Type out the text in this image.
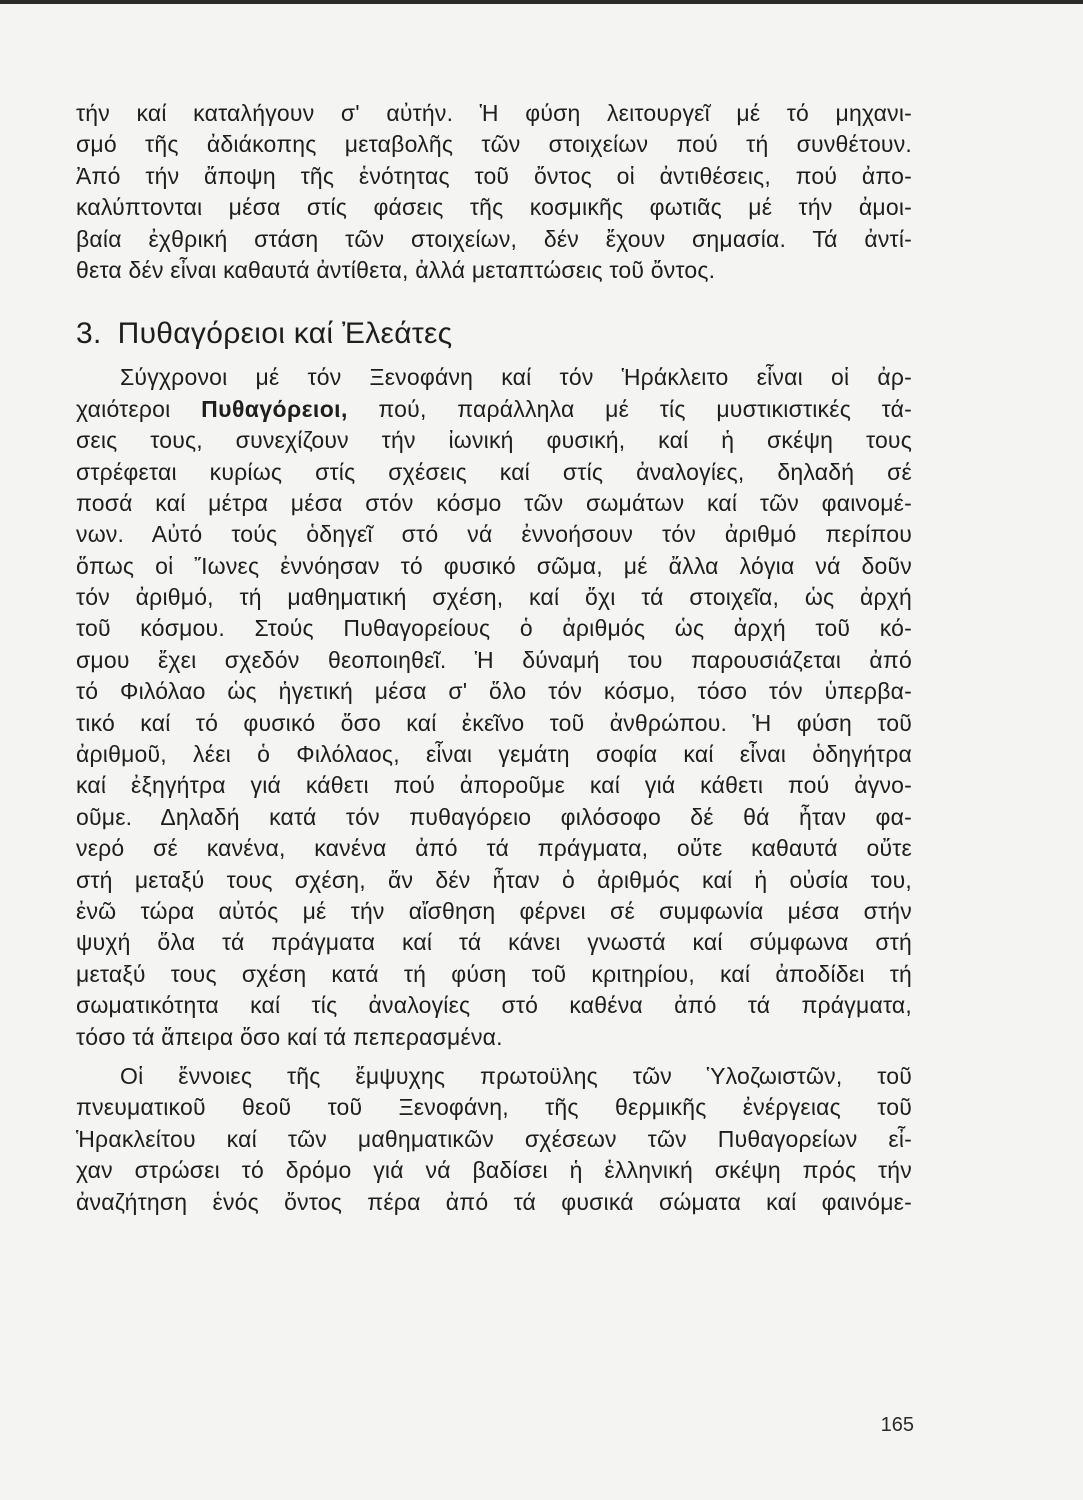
τήν καί καταλήγουν σ' αὐτήν. Ἡ φύση λειτουργεῖ μέ τό μηχανι-
σμό τῆς ἀδιάκοπης μεταβολῆς τῶν στοιχείων πού τή συνθέτουν.
Ἀπό τήν ἄποψη τῆς ἑνότητας τοῦ ὄντος οἱ ἀντιθέσεις, πού ἀπο-
καλύπτονται μέσα στίς φάσεις τῆς κοσμικῆς φωτιᾶς μέ τήν ἀμοι-
βαία ἐχθρική στάση τῶν στοιχείων, δέν ἔχουν σημασία. Τά ἀντί-
θετα δέν εἶναι καθαυτά ἀντίθετα, ἀλλά μεταπτώσεις τοῦ ὄντος.
3. Πυθαγόρειοι καί Ἐλεάτες
Σύγχρονοι μέ τόν Ξενοφάνη καί τόν Ἡράκλειτο εἶναι οἱ ἀρ-
χαιότεροι Πυθαγόρειοι, πού, παράλληλα μέ τίς μυστικιστικές τά-
σεις τους, συνεχίζουν τήν ἰωνική φυσική, καί ἡ σκέψη τους
στρέφεται κυρίως στίς σχέσεις καί στίς ἀναλογίες, δηλαδή σέ
ποσά καί μέτρα μέσα στόν κόσμο τῶν σωμάτων καί τῶν φαινομέ-
νων. Αὐτό τούς ὁδηγεῖ στό νά ἐννοήσουν τόν ἀριθμό περίπου
ὅπως οἱ Ἴωνες ἐννόησαν τό φυσικό σῶμα, μέ ἄλλα λόγια νά δοῦν
τόν ἀριθμό, τή μαθηματική σχέση, καί ὄχι τά στοιχεῖα, ὡς ἀρχή
τοῦ κόσμου. Στούς Πυθαγορείους ὁ ἀριθμός ὡς ἀρχή τοῦ κό-
σμου ἔχει σχεδόν θεοποιηθεῖ. Ἡ δύναμή του παρουσιάζεται ἀπό
τό Φιλόλαο ὡς ἡγετική μέσα σ' ὅλο τόν κόσμο, τόσο τόν ὑπερβα-
τικό καί τό φυσικό ὅσο καί ἐκεῖνο τοῦ ἀνθρώπου. Ἡ φύση τοῦ
ἀριθμοῦ, λέει ὁ Φιλόλαος, εἶναι γεμάτη σοφία καί εἶναι ὁδηγήτρα
καί ἐξηγήτρα γιά κάθετι πού ἀποροῦμε καί γιά κάθετι πού ἀγνο-
οῦμε. Δηλαδή κατά τόν πυθαγόρειο φιλόσοφο δέ θά ἦταν φα-
νερό σέ κανένα, κανένα ἀπό τά πράγματα, οὔτε καθαυτά οὔτε
στή μεταξύ τους σχέση, ἄν δέν ἦταν ὁ ἀριθμός καί ἡ οὐσία του,
ἐνῶ τώρα αὐτός μέ τήν αἴσθηση φέρνει σέ συμφωνία μέσα στήν
ψυχή ὅλα τά πράγματα καί τά κάνει γνωστά καί σύμφωνα στή
μεταξύ τους σχέση κατά τή φύση τοῦ κριτηρίου, καί ἀποδίδει τή
σωματικότητα καί τίς ἀναλογίες στό καθένα ἀπό τά πράγματα,
τόσο τά ἄπειρα ὅσο καί τά πεπερασμένα.
Οἱ ἔννοιες τῆς ἔμψυχης πρωτοϋλης τῶν Ὑλοζωιστῶν, τοῦ
πνευματικοῦ θεοῦ τοῦ Ξενοφάνη, τῆς θερμικῆς ἐνέργειας τοῦ
Ἡρακλείτου καί τῶν μαθηματικῶν σχέσεων τῶν Πυθαγορείων εἶ-
χαν στρώσει τό δρόμο γιά νά βαδίσει ἡ ἑλληνική σκέψη πρός τήν
ἀναζήτηση ἑνός ὄντος πέρα ἀπό τά φυσικά σώματα καί φαινόμε-
165
